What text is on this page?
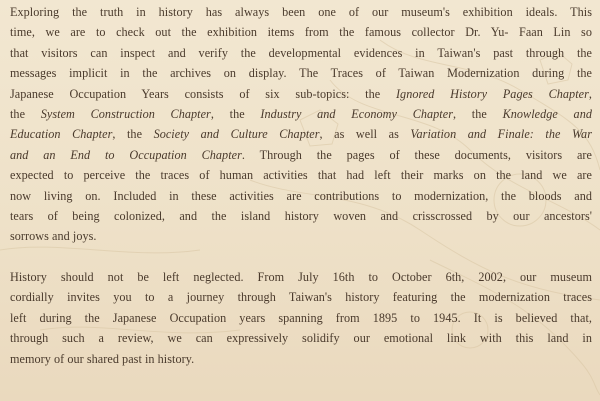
Exploring the truth in history has always been one of our museum's exhibition ideals. This
time, we are to check out the exhibition items from the famous collector Dr. Yu- Faan Lin so
that visitors can inspect and verify the developmental evidences in Taiwan's past through the
messages implicit in the archives on display. The Traces of Taiwan Modernization during the
Japanese Occupation Years consists of six sub-topics: the Ignored History Pages Chapter,
the System Construction Chapter, the Industry and Economy Chapter, the Knowledge and
Education Chapter, the Society and Culture Chapter, as well as Variation and Finale: the War
and an End to Occupation Chapter. Through the pages of these documents, visitors are
expected to perceive the traces of human activities that had left their marks on the land we are
now living on. Included in these activities are contributions to modernization, the bloods and
tears of being colonized, and the island history woven and crisscrossed by our ancestors'
sorrows and joys.
History should not be left neglected. From July 16th to October 6th, 2002, our museum
cordially invites you to a journey through Taiwan's history featuring the modernization traces
left during the Japanese Occupation years spanning from 1895 to 1945. It is believed that,
through such a review, we can expressively solidify our emotional link with this land in
memory of our shared past in history.
